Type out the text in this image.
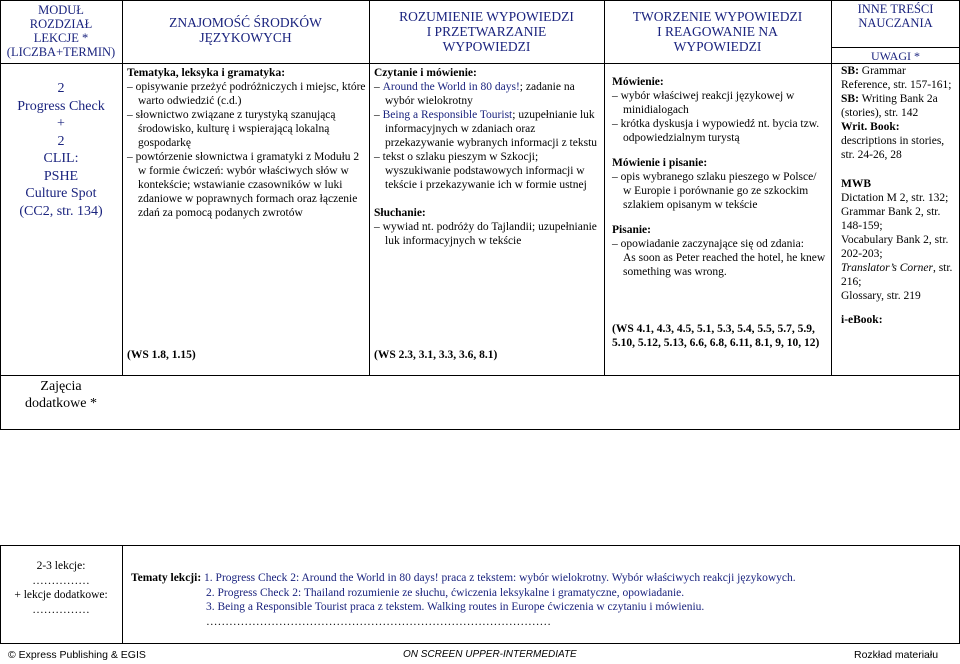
MODUŁ
ROZDZIAŁ
LEKCJE *
(LICZBA+TERMIN)
ZNAJOMOŚĆ ŚRODKÓW
JĘZYKOWYCH
ROZUMIENIE WYPOWIEDZI
I PRZETWARZANIE
WYPOWIEDZI
TWORZENIE WYPOWIEDZI
I REAGOWANIE NA
WYPOWIEDZI
INNE TREŚCI
NAUCZANIA
UWAGI *
2
Progress Check
+
2
CLIL:
PSHE
Culture Spot
(CC2, str. 134)
Tematyka, leksyka i gramatyka:
– opisywanie przeżyć podróżniczych i miejsc, które warto odwiedzić (c.d.)
– słownictwo związane z turystyką szanującą środowisko, kulturę i wspierającą lokalną gospodarkę
– powtórzenie słownictwa i gramatyki z Modułu 2 w formie ćwiczeń: wybór właściwych słów w kontekście; wstawianie czasowników w luki zdaniowe w poprawnych formach oraz łączenie zdań za pomocą podanych zwrotów
(WS 1.8, 1.15)
Czytanie i mówienie:
– Around the World in 80 days!; zadanie na wybór wielokrotny
– Being a Responsible Tourist; uzupełnianie luk informacyjnych w zdaniach oraz przekazywanie wybranych informacji z tekstu
– tekst o szlaku pieszym w Szkocji; wyszukiwanie podstawowych informacji w tekście i przekazywanie ich w formie ustnej
Słuchanie:
– wywiad nt. podróży do Tajlandii; uzupełnianie luk informacyjnych w tekście
(WS 2.3, 3.1, 3.3, 3.6, 8.1)
Mówienie:
– wybór właściwej reakcji językowej w minidialogach
– krótka dyskusja i wypowiedź nt. bycia tzw. odpowiedzialnym turystą
Mówienie i pisanie:
– opis wybranego szlaku pieszego w Polsce/ w Europie i porównanie go ze szkockim szlakiem opisanym w tekście
Pisanie:
– opowiadanie zaczynające się od zdania:
As soon as Peter reached the hotel, he knew something was wrong.
(WS 4.1, 4.3, 4.5, 5.1, 5.3, 5.4, 5.5, 5.7, 5.9, 5.10, 5.12, 5.13, 6.6, 6.8, 6.11, 8.1, 9, 10, 12)
SB: Grammar Reference, str. 157-161;
SB: Writing Bank 2a (stories), str. 142
Writ. Book: descriptions in stories, str. 24-26, 28
MWB
Dictation M 2, str. 132;
Grammar Bank 2, str. 148-159;
Vocabulary Bank 2, str. 202-203;
Translator’s Corner, str. 216;
Glossary, str. 219
i-eBook:
Zajęcia
dodatkowe *
2-3 lekcje:
……………
+ lekcje dodatkowe:
……………
Tematy lekcji: 1. Progress Check 2: Around the World in 80 days! praca z tekstem: wybór wielokrotny. Wybór właściwych reakcji językowych.
2. Progress Check 2: Thailand rozumienie ze słuchu, ćwiczenia leksykalne i gramatyczne, opowiadanie.
3. Being a Responsible Tourist praca z tekstem. Walking routes in Europe ćwiczenia w czytaniu i mówieniu.
………………………………………………………………………………
© Express Publishing & EGIS	ON SCREEN UPPER-INTERMEDIATE	Rozkład materiału
